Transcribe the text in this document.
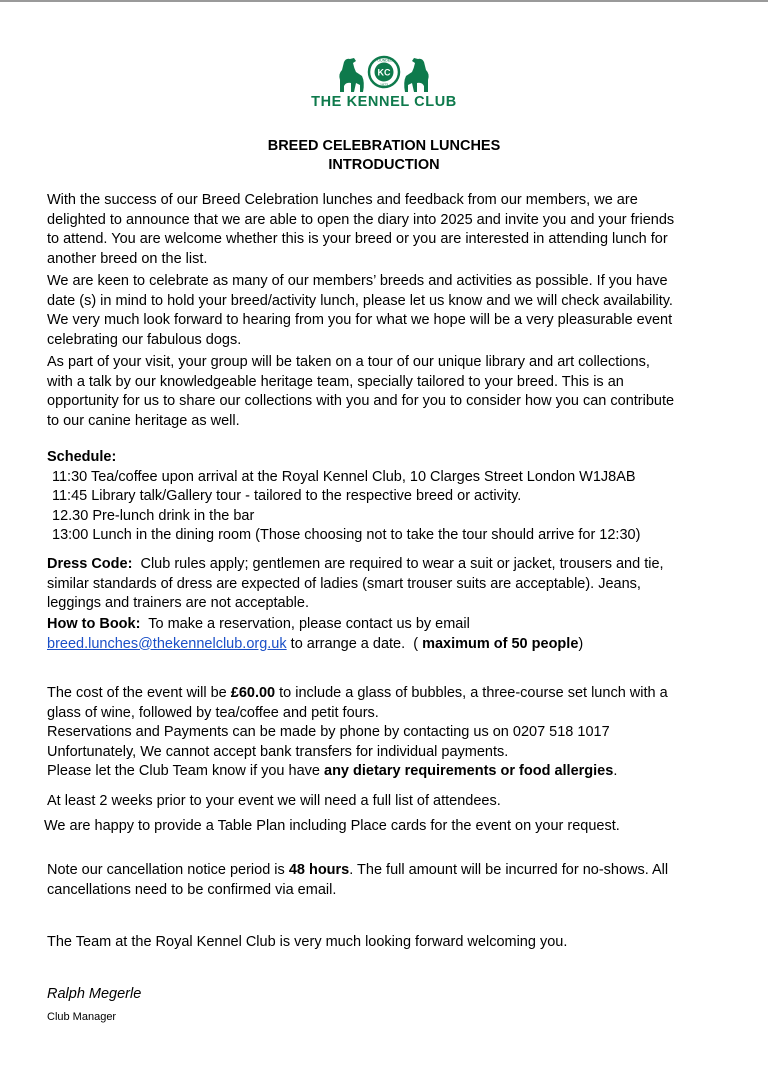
KC
FOUNDED
1873
THE KENNEL CLUB
BREED CELEBRATION LUNCHES
INTRODUCTION
With the success of our Breed Celebration lunches and feedback from our members, we are
delighted to announce that we are able to open the diary into 2025 and invite you and your friends
to attend. You are welcome whether this is your breed or you are interested in attending lunch for
another breed on the list.
We are keen to celebrate as many of our members’ breeds and activities as possible. If you have
date (s) in mind to hold your breed/activity lunch, please let us know and we will check availability.
We very much look forward to hearing from you for what we hope will be a very pleasurable event
celebrating our fabulous dogs.
As part of your visit, your group will be taken on a tour of our unique library and art collections,
with a talk by our knowledgeable heritage team, specially tailored to your breed. This is an
opportunity for us to share our collections with you and for you to consider how you can contribute
to our canine heritage as well.
Schedule:
11:30 Tea/coffee upon arrival at the Royal Kennel Club, 10 Clarges Street London W1J8AB
11:45 Library talk/Gallery tour - tailored to the respective breed or activity.
12.30 Pre-lunch drink in the bar
13:00 Lunch in the dining room (Those choosing not to take the tour should arrive for 12:30)
Dress Code:  Club rules apply; gentlemen are required to wear a suit or jacket, trousers and tie,
similar standards of dress are expected of ladies (smart trouser suits are acceptable). Jeans,
leggings and trainers are not acceptable.
How to Book:  To make a reservation, please contact us by email
breed.lunches@thekennelclub.org.uk to arrange a date.  ( maximum of 50 people)
The cost of the event will be £60.00 to include a glass of bubbles, a three-course set lunch with a
glass of wine, followed by tea/coffee and petit fours.
Reservations and Payments can be made by phone by contacting us on 0207 518 1017
Unfortunately, We cannot accept bank transfers for individual payments.
Please let the Club Team know if you have any dietary requirements or food allergies.
At least 2 weeks prior to your event we will need a full list of attendees.
We are happy to provide a Table Plan including Place cards for the event on your request.
Note our cancellation notice period is 48 hours. The full amount will be incurred for no-shows. All
cancellations need to be confirmed via email.
The Team at the Royal Kennel Club is very much looking forward welcoming you.
Ralph Megerle
Club Manager
